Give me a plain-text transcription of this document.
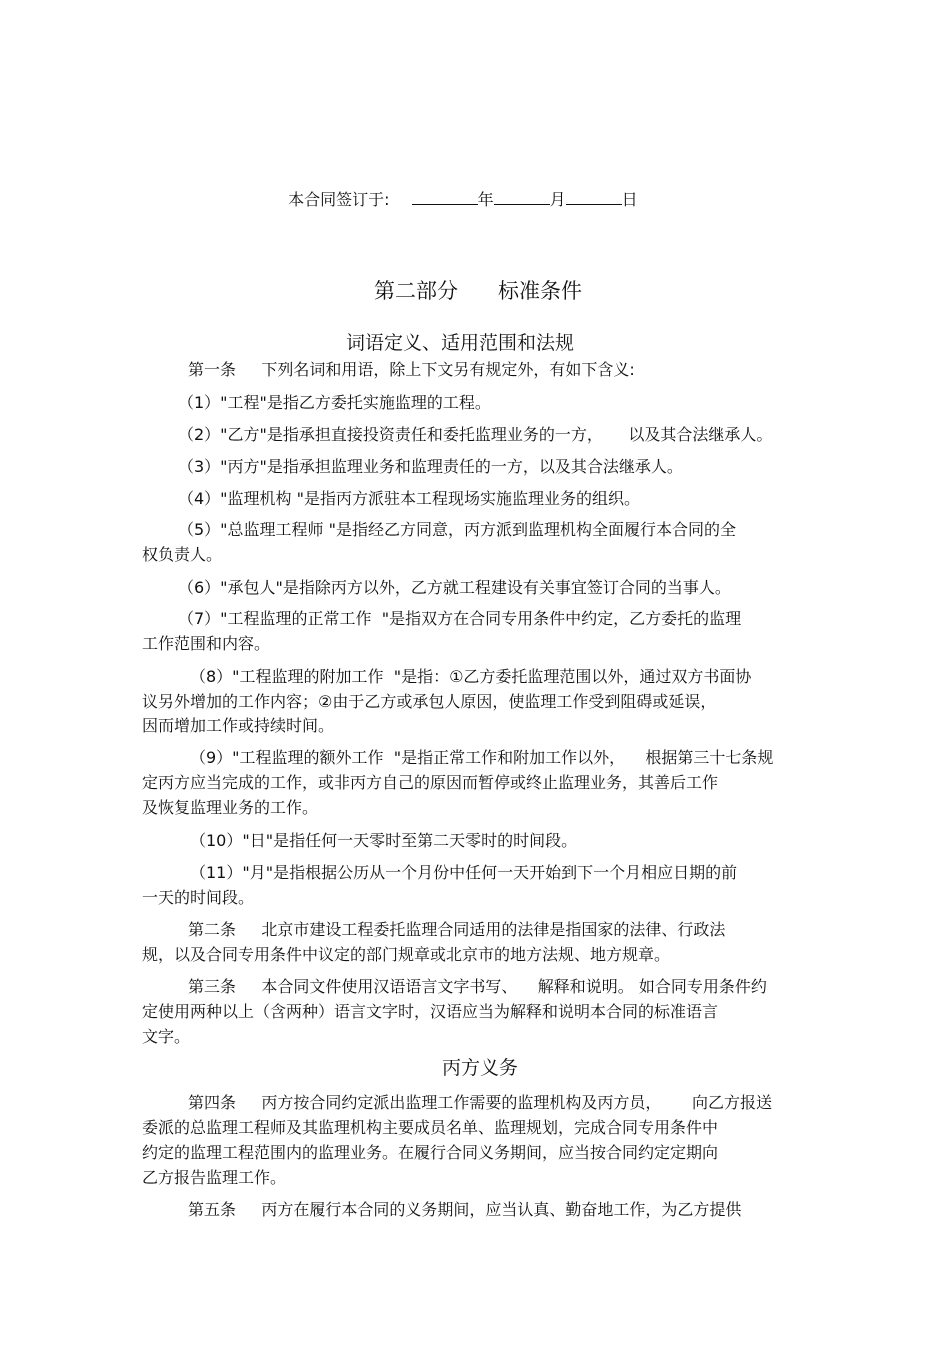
本合同签订于:	年	月	日

第二部分      标准条件
词语定义、适用范围和法规
第一条     下列名词和用语，除上下文另有规定外，有如下含义:
（1）"工程"是指乙方委托实施监理的工程。
（2）"乙方"是指承担直接投资责任和委托监理业务的一方，     以及其合法继承人。
（3）"丙方"是指承担监理业务和监理责任的一方，以及其合法继承人。
（4）"监理机构 "是指丙方派驻本工程现场实施监理业务的组织。
（5）"总监理工程师 "是指经乙方同意，丙方派到监理机构全面履行本合同的全
权负责人。
（6）"承包人"是指除丙方以外，乙方就工程建设有关事宜签订合同的当事人。
（7）"工程监理的正常工作  "是指双方在合同专用条件中约定，乙方委托的监理
工作范围和内容。
（8）"工程监理的附加工作  "是指：①乙方委托监理范围以外，通过双方书面协
议另外增加的工作内容；②由于乙方或承包人原因，使监理工作受到阻碍或延误，
因而增加工作或持续时间。
（9）"工程监理的额外工作  "是指正常工作和附加工作以外，    根据第三十七条规
定丙方应当完成的工作，或非丙方自己的原因而暂停或终止监理业务，其善后工作
及恢复监理业务的工作。
（10）"日"是指任何一天零时至第二天零时的时间段。
（11）"月"是指根据公历从一个月份中任何一天开始到下一个月相应日期的前
一天的时间段。
第二条     北京市建设工程委托监理合同适用的法律是指国家的法律、行政法
规，以及合同专用条件中议定的部门规章或北京市的地方法规、地方规章。
第三条     本合同文件使用汉语语言文字书写、    解释和说明。 如合同专用条件约
定使用两种以上（含两种）语言文字时，汉语应当为解释和说明本合同的标准语言
文字。
丙方义务
第四条     丙方按合同约定派出监理工作需要的监理机构及丙方员，      向乙方报送
委派的总监理工程师及其监理机构主要成员名单、监理规划，完成合同专用条件中
约定的监理工程范围内的监理业务。在履行合同义务期间，应当按合同约定定期向
乙方报告监理工作。
第五条     丙方在履行本合同的义务期间，应当认真、勤奋地工作，为乙方提供
